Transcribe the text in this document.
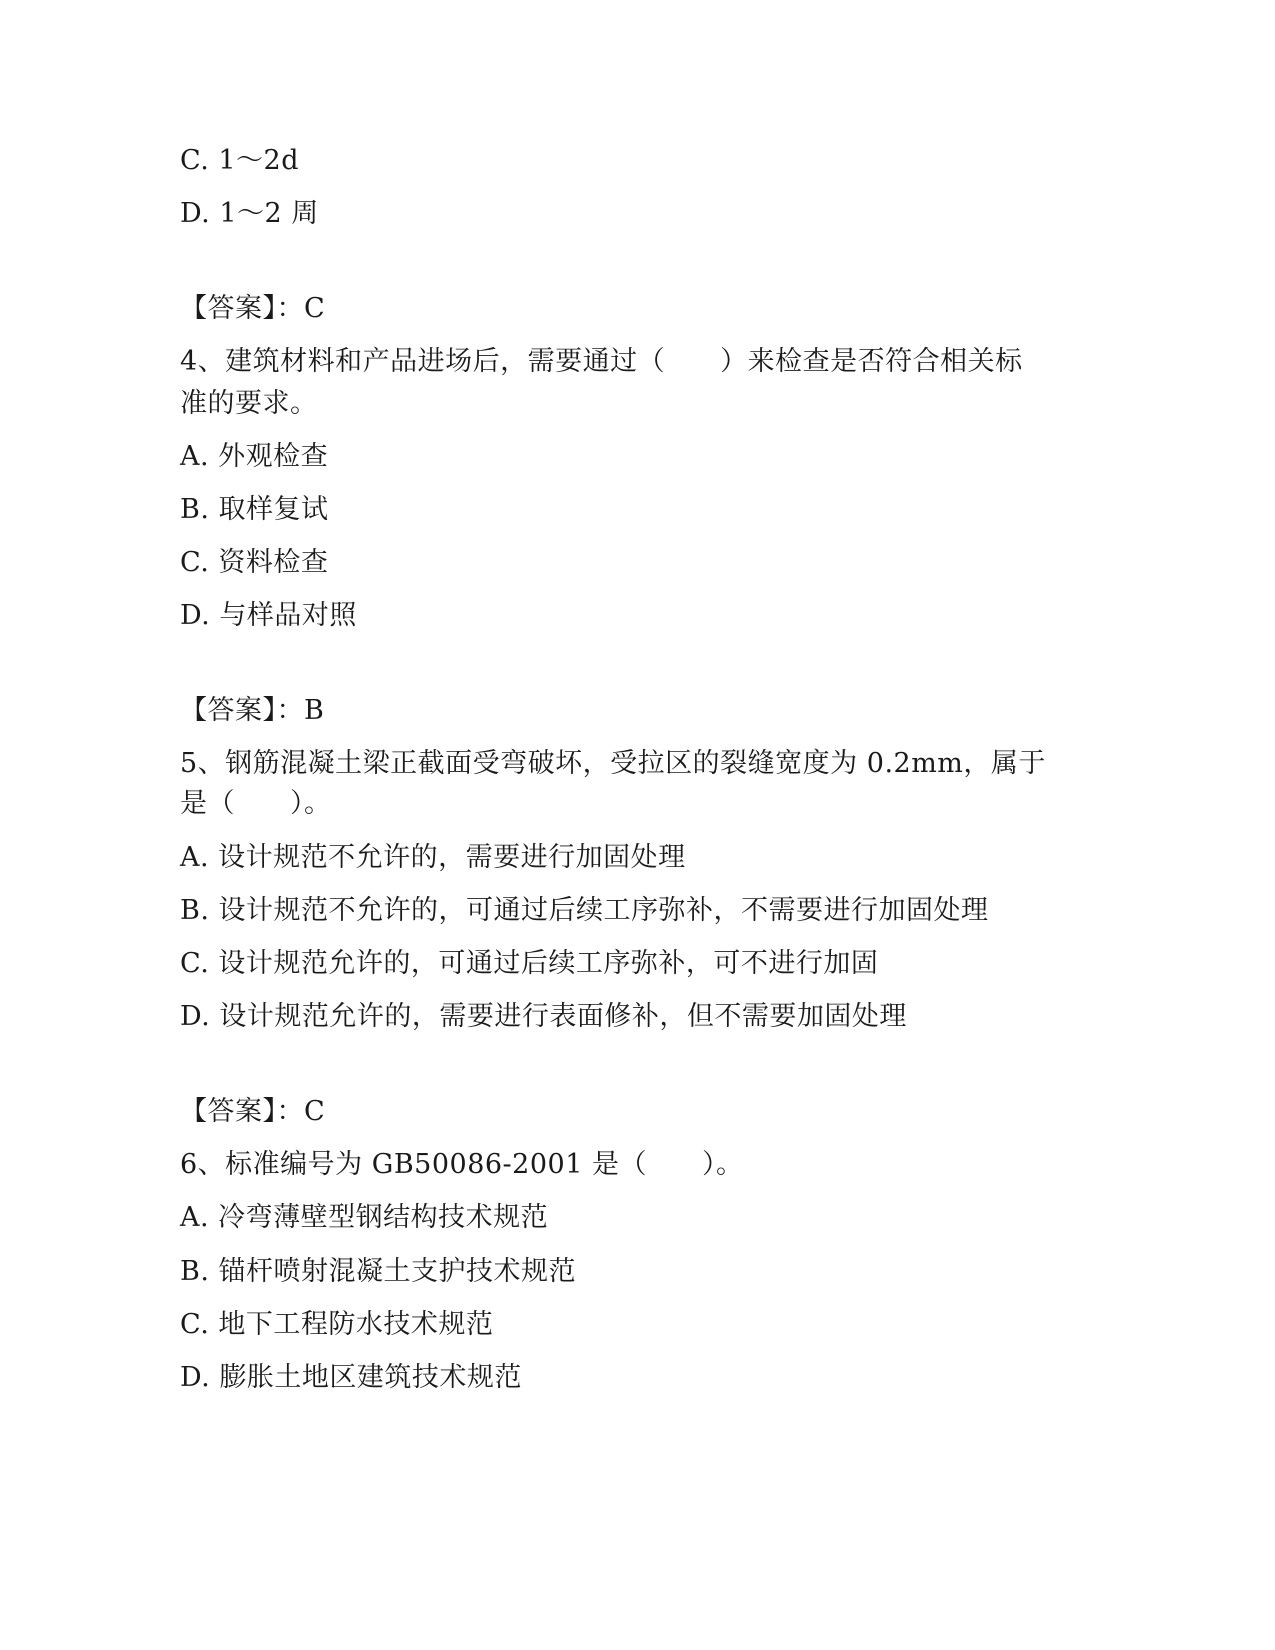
C. 1～2d
D. 1～2 周
【答案】：C
4、建筑材料和产品进场后，需要通过（　　）来检查是否符合相关标
准的要求。
A. 外观检查
B. 取样复试
C. 资料检查
D. 与样品对照
【答案】：B
5、钢筋混凝土梁正截面受弯破坏，受拉区的裂缝宽度为 0.2mm，属于
是（　　）。
A. 设计规范不允许的，需要进行加固处理
B. 设计规范不允许的，可通过后续工序弥补，不需要进行加固处理
C. 设计规范允许的，可通过后续工序弥补，可不进行加固
D. 设计规范允许的，需要进行表面修补，但不需要加固处理
【答案】：C
6、标准编号为 GB50086-2001 是（　　）。
A. 冷弯薄壁型钢结构技术规范
B. 锚杆喷射混凝土支护技术规范
C. 地下工程防水技术规范
D. 膨胀土地区建筑技术规范
